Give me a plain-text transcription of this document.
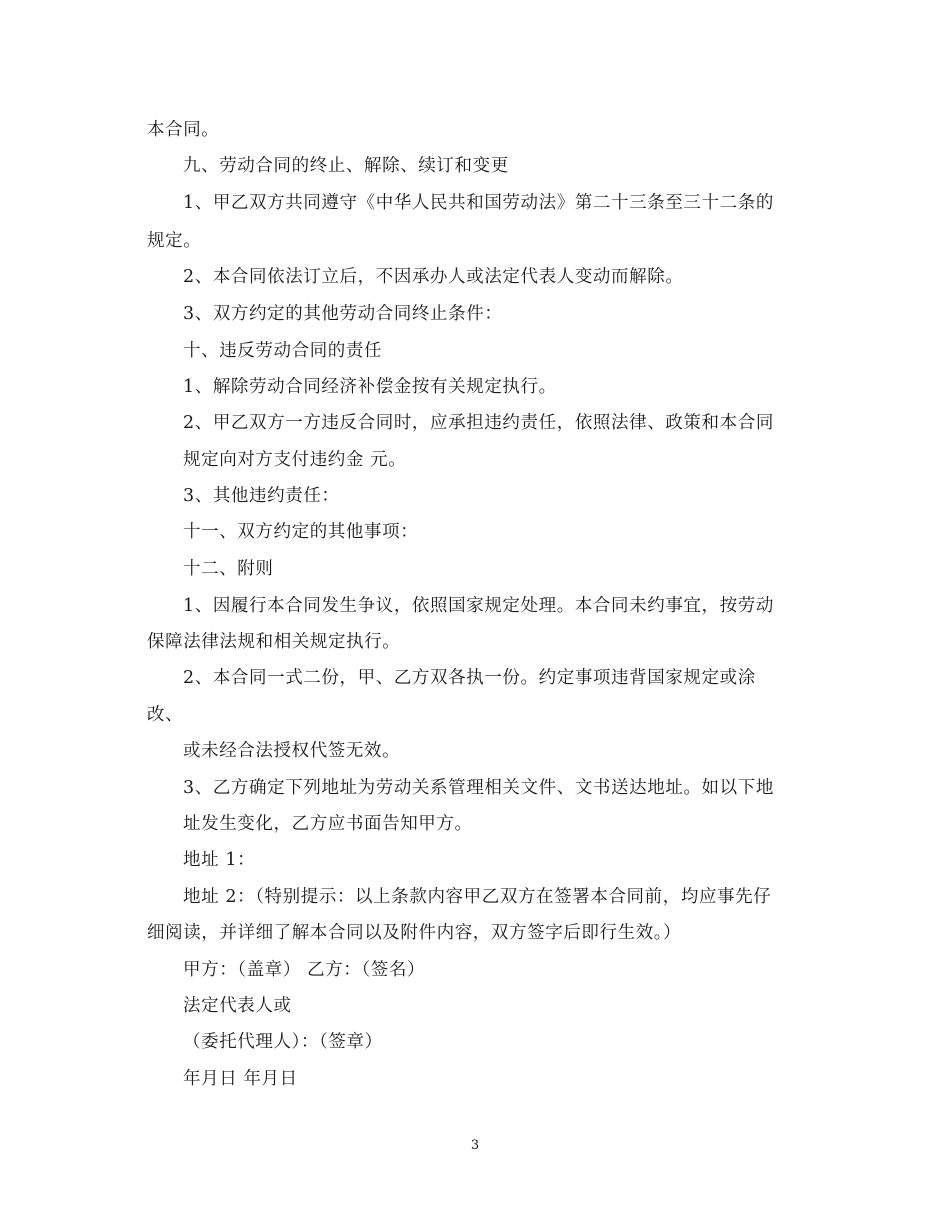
本合同。
九、劳动合同的终止、解除、续订和变更
1、甲乙双方共同遵守《中华人民共和国劳动法》第二十三条至三十二条的
规定。
2、本合同依法订立后，不因承办人或法定代表人变动而解除。
3、双方约定的其他劳动合同终止条件：
十、违反劳动合同的责任
1、解除劳动合同经济补偿金按有关规定执行。
2、甲乙双方一方违反合同时，应承担违约责任，依照法律、政策和本合同
规定向对方支付违约金 元。
3、其他违约责任：
十一、双方约定的其他事项：
十二、附则
1、因履行本合同发生争议，依照国家规定处理。本合同未约事宜，按劳动
保障法律法规和相关规定执行。
2、本合同一式二份，甲、乙方双各执一份。约定事项违背国家规定或涂
改、
或未经合法授权代签无效。
3、乙方确定下列地址为劳动关系管理相关文件、文书送达地址。如以下地
址发生变化，乙方应书面告知甲方。
地址 1：
地址 2：（特别提示：以上条款内容甲乙双方在签署本合同前，均应事先仔
细阅读，并详细了解本合同以及附件内容，双方签字后即行生效。）
甲方：（盖章） 乙方：（签名）
法定代表人或
（委托代理人）：（签章）
年月日 年月日
3
